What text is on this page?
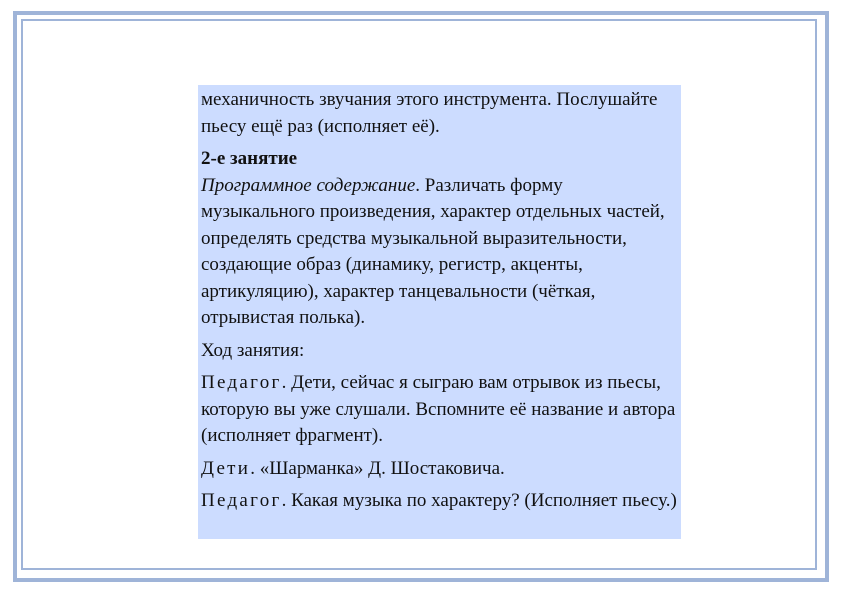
механичность звучания этого инструмента. Послушайте пьесу ещё раз (исполняет её).

2-е занятие

Программное содержание. Различать форму музыкального произведения, характер отдельных частей, определять средства музыкальной выразительности, создающие образ (динамику, регистр, акценты, артикуляцию), характер танцевальности (чёткая, отрывистая полька).

Ход занятия:

Педагог. Дети, сейчас я сыграю вам отрывок из пьесы, которую вы уже слушали. Вспомните её название и автора (исполняет фрагмент).

Дети. «Шарманка» Д. Шостаковича.

Педагог. Какая музыка по характеру? (Исполняет пьесу.)
